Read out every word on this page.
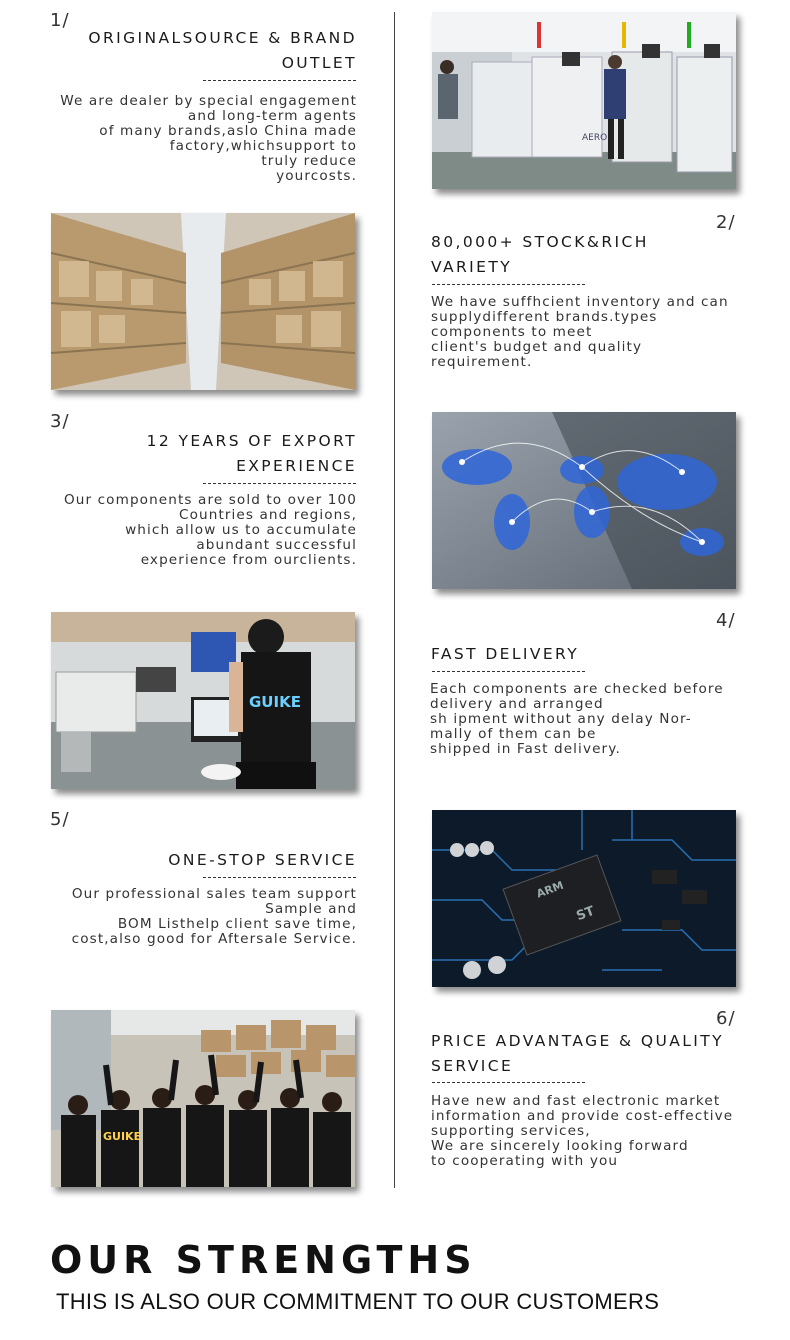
1/
ORIGINALSOURCE & BRAND
OUTLET
We are dealer by special engagement
and long-term agents
of many brands,aslo China made
factory,whichsupport to
truly reduce
yourcosts.
AERO
2/
80,000+ STOCK&RICH
VARIETY
We have suffhcient inventory and can
supplydifferent brands.types
components to meet
client's budget and quality
requirement.
3/
12 YEARS OF EXPORT
EXPERIENCE
Our components are sold to over 100
Countries and regions,
which allow us to accumulate
abundant successful
experience from ourclients.
4/
FAST DELIVERY
Each components are checked before
delivery and arranged
sh ipment without any delay Nor-
mally of them can be
shipped in Fast delivery.
GUIKE
5/
ONE-STOP SERVICE
Our professional sales team support
Sample and
BOM Listhelp client save time,
cost,also good for Aftersale Service.
ARM
ST
6/
PRICE ADVANTAGE & QUALITY
SERVICE
Have new and fast electronic market
information and provide cost-effective
supporting services,
We are sincerely looking forward
to cooperating with you
GUIKE
OUR STRENGTHS
THIS IS ALSO OUR COMMITMENT TO OUR CUSTOMERS
